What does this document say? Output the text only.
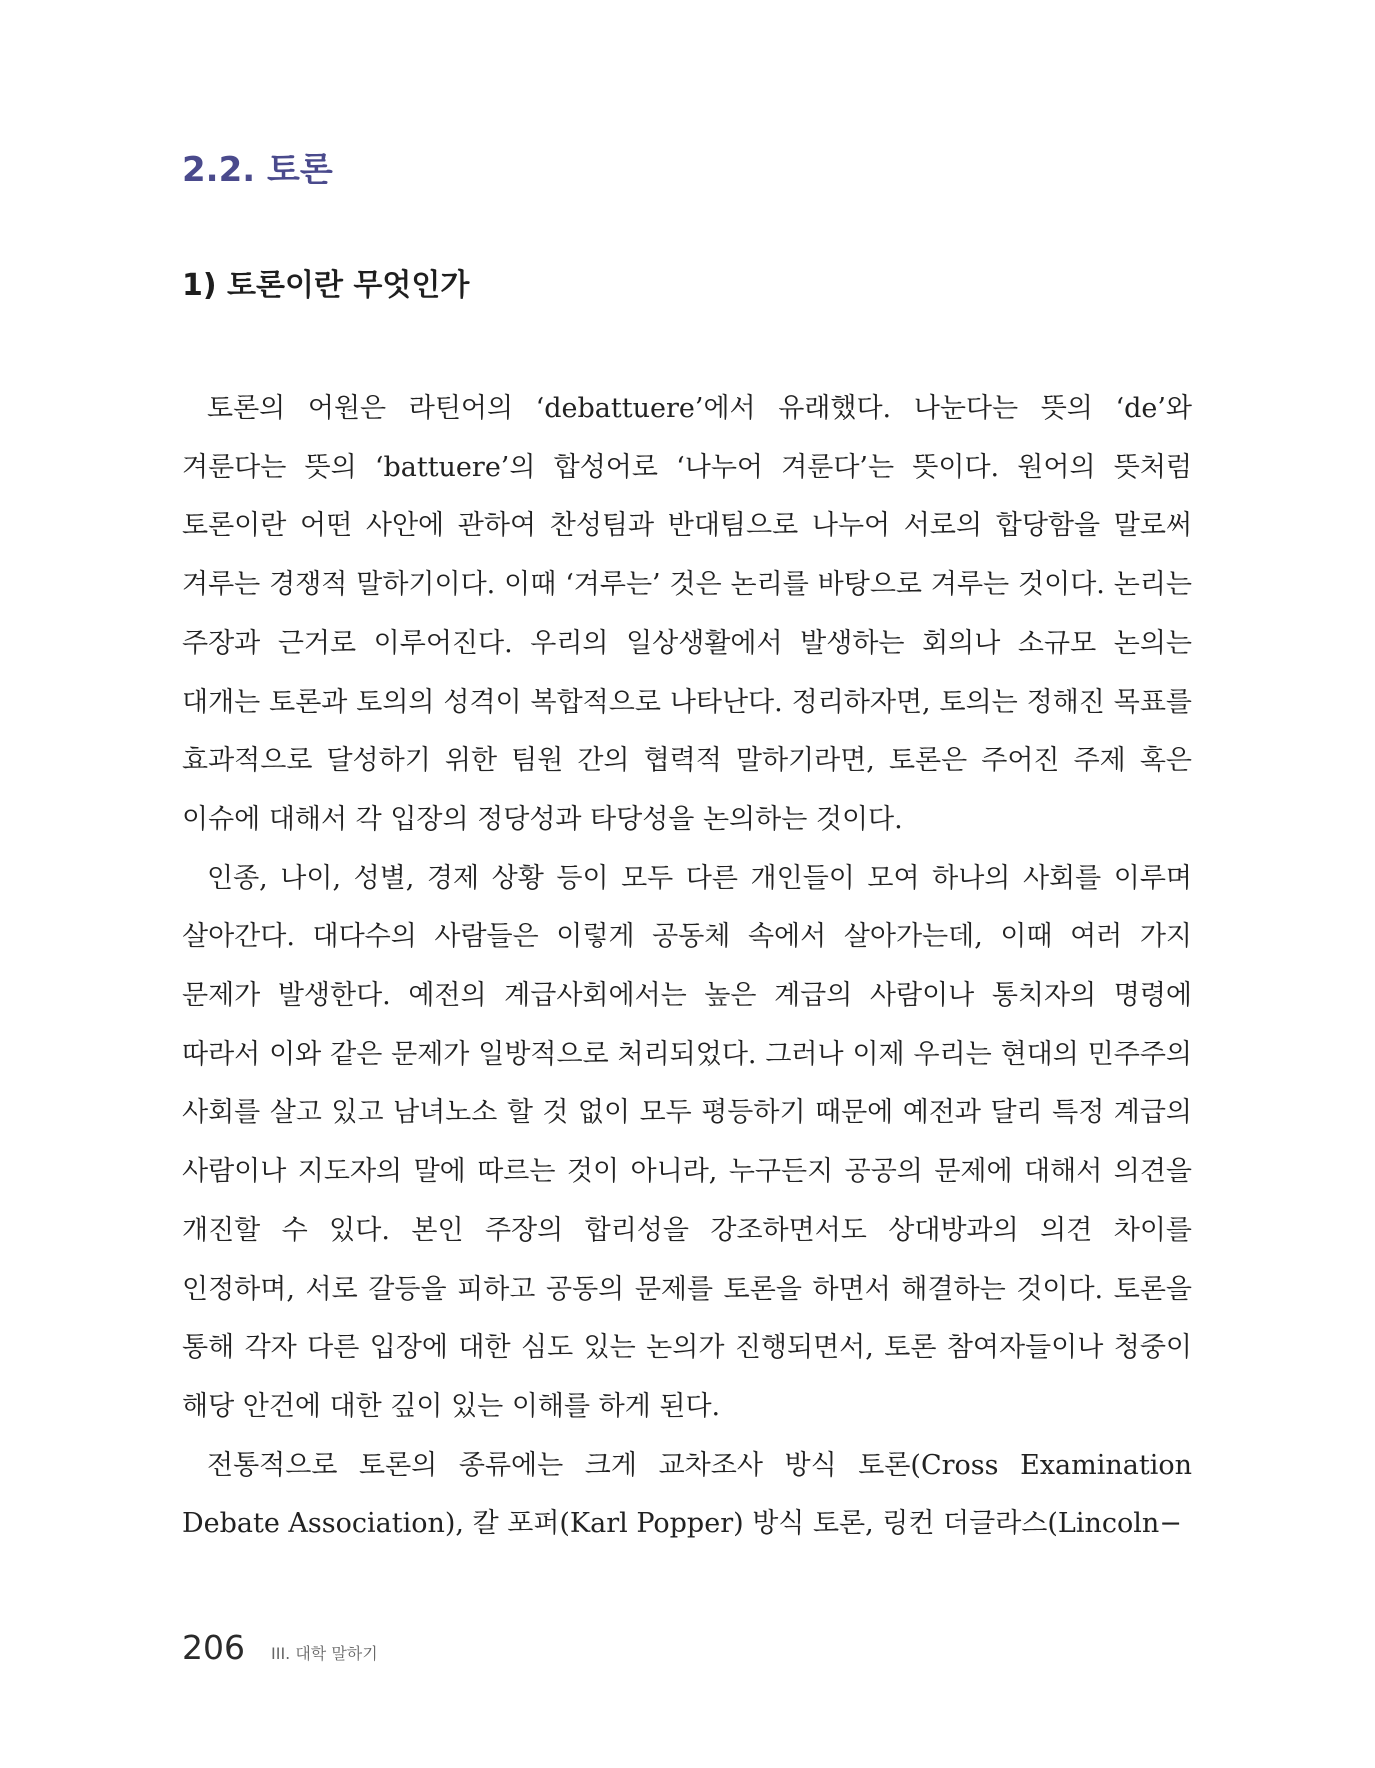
2.2. 토론
1) 토론이란 무엇인가

토론의 어원은 라틴어의 ‘debattuere’에서 유래했다. 나눈다는 뜻의 ‘de’와 겨룬다는 뜻의 ‘battuere’의 합성어로 ‘나누어 겨룬다’는 뜻이다. 원어의 뜻처럼 토론이란 어떤 사안에 관하여 찬성팀과 반대팀으로 나누어 서로의 합당함을 말로써 겨루는 경쟁적 말하기이다. 이때 ‘겨루는’ 것은 논리를 바탕으로 겨루는 것이다. 논리는 주장과 근거로 이루어진다. 우리의 일상생활에서 발생하는 회의나 소규모 논의는 대개는 토론과 토의의 성격이 복합적으로 나타난다. 정리하자면, 토의는 정해진 목표를 효과적으로 달성하기 위한 팀원 간의 협력적 말하기라면, 토론은 주어진 주제 혹은 이슈에 대해서 각 입장의 정당성과 타당성을 논의하는 것이다.

인종, 나이, 성별, 경제 상황 등이 모두 다른 개인들이 모여 하나의 사회를 이루며 살아간다. 대다수의 사람들은 이렇게 공동체 속에서 살아가는데, 이때 여러 가지 문제가 발생한다. 예전의 계급사회에서는 높은 계급의 사람이나 통치자의 명령에 따라서 이와 같은 문제가 일방적으로 처리되었다. 그러나 이제 우리는 현대의 민주주의 사회를 살고 있고 남녀노소 할 것 없이 모두 평등하기 때문에 예전과 달리 특정 계급의 사람이나 지도자의 말에 따르는 것이 아니라, 누구든지 공공의 문제에 대해서 의견을 개진할 수 있다. 본인 주장의 합리성을 강조하면서도 상대방과의 의견 차이를 인정하며, 서로 갈등을 피하고 공동의 문제를 토론을 하면서 해결하는 것이다. 토론을 통해 각자 다른 입장에 대한 심도 있는 논의가 진행되면서, 토론 참여자들이나 청중이 해당 안건에 대한 깊이 있는 이해를 하게 된다.

전통적으로 토론의 종류에는 크게 교차조사 방식 토론(Cross Examination Debate Association), 칼 포퍼(Karl Popper) 방식 토론, 링컨 더글라스(Lincoln−

206 III. 대학 말하기
